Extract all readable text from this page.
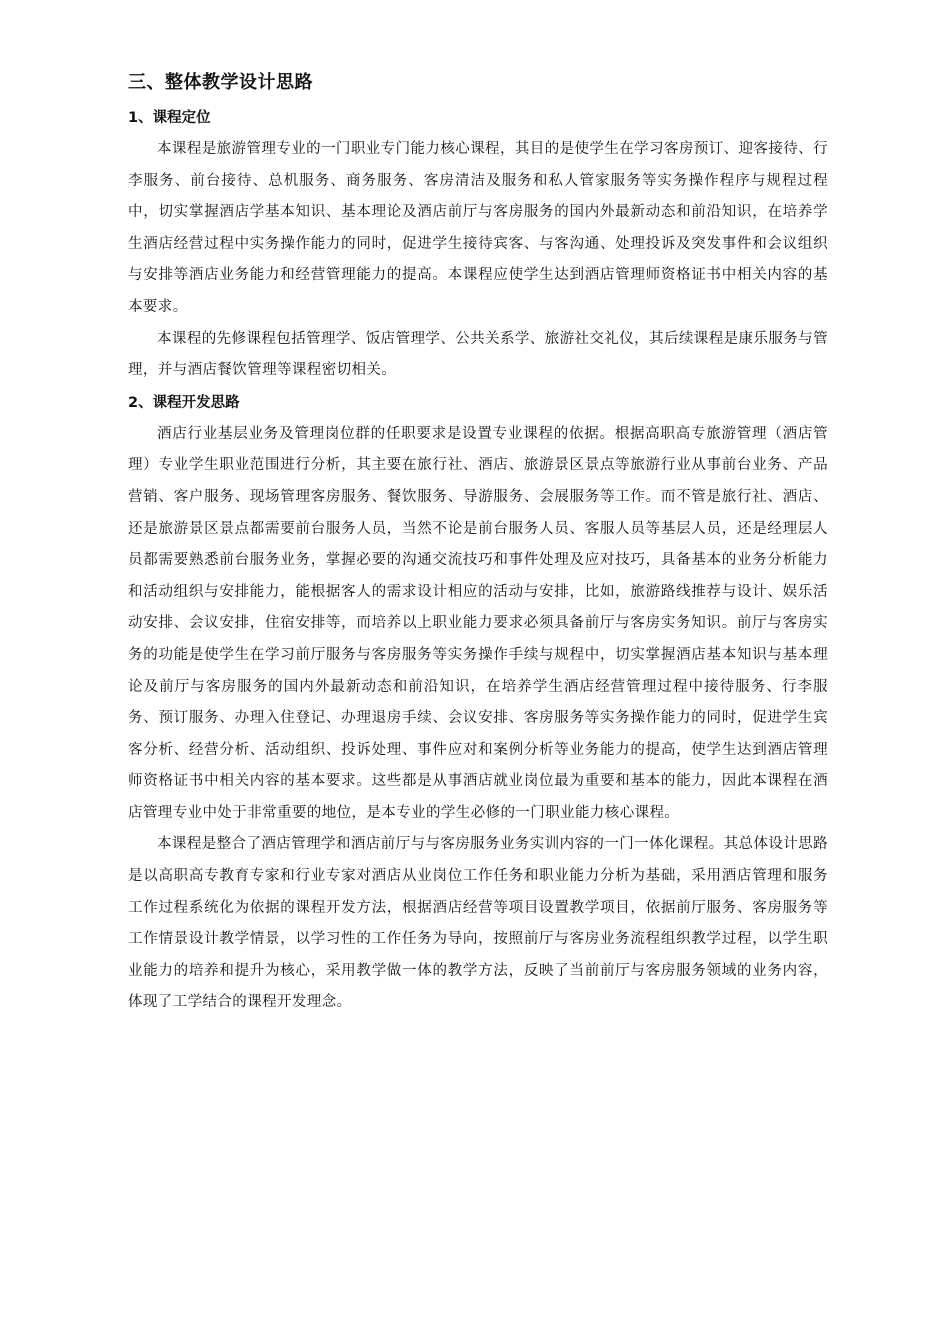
三、整体教学设计思路
1、课程定位

本课程是旅游管理专业的一门职业专门能力核心课程，其目的是使学生在学习客房预订、迎客接待、行李服务、前台接待、总机服务、商务服务、客房清洁及服务和私人管家服务等实务操作程序与规程过程中，切实掌握酒店学基本知识、基本理论及酒店前厅与客房服务的国内外最新动态和前沿知识，在培养学生酒店经营过程中实务操作能力的同时，促进学生接待宾客、与客沟通、处理投诉及突发事件和会议组织与安排等酒店业务能力和经营管理能力的提高。本课程应使学生达到酒店管理师资格证书中相关内容的基本要求。

本课程的先修课程包括管理学、饭店管理学、公共关系学、旅游社交礼仪，其后续课程是康乐服务与管理，并与酒店餐饮管理等课程密切相关。

2、课程开发思路

酒店行业基层业务及管理岗位群的任职要求是设置专业课程的依据。根据高职高专旅游管理（酒店管理）专业学生职业范围进行分析，其主要在旅行社、酒店、旅游景区景点等旅游行业从事前台业务、产品营销、客户服务、现场管理客房服务、餐饮服务、导游服务、会展服务等工作。而不管是旅行社、酒店、还是旅游景区景点都需要前台服务人员，当然不论是前台服务人员、客服人员等基层人员，还是经理层人员都需要熟悉前台服务业务，掌握必要的沟通交流技巧和事件处理及应对技巧，具备基本的业务分析能力和活动组织与安排能力，能根据客人的需求设计相应的活动与安排，比如，旅游路线推荐与设计、娱乐活动安排、会议安排，住宿安排等，而培养以上职业能力要求必须具备前厅与客房实务知识。前厅与客房实务的功能是使学生在学习前厅服务与客房服务等实务操作手续与规程中，切实掌握酒店基本知识与基本理论及前厅与客房服务的国内外最新动态和前沿知识，在培养学生酒店经营管理过程中接待服务、行李服务、预订服务、办理入住登记、办理退房手续、会议安排、客房服务等实务操作能力的同时，促进学生宾客分析、经营分析、活动组织、投诉处理、事件应对和案例分析等业务能力的提高，使学生达到酒店管理师资格证书中相关内容的基本要求。这些都是从事酒店就业岗位最为重要和基本的能力，因此本课程在酒店管理专业中处于非常重要的地位，是本专业的学生必修的一门职业能力核心课程。

本课程是整合了酒店管理学和酒店前厅与与客房服务业务实训内容的一门一体化课程。其总体设计思路是以高职高专教育专家和行业专家对酒店从业岗位工作任务和职业能力分析为基础，采用酒店管理和服务工作过程系统化为依据的课程开发方法，根据酒店经营等项目设置教学项目，依据前厅服务、客房服务等工作情景设计教学情景，以学习性的工作任务为导向，按照前厅与客房业务流程组织教学过程，以学生职业能力的培养和提升为核心，采用教学做一体的教学方法，反映了当前前厅与客房服务领域的业务内容，体现了工学结合的课程开发理念。
